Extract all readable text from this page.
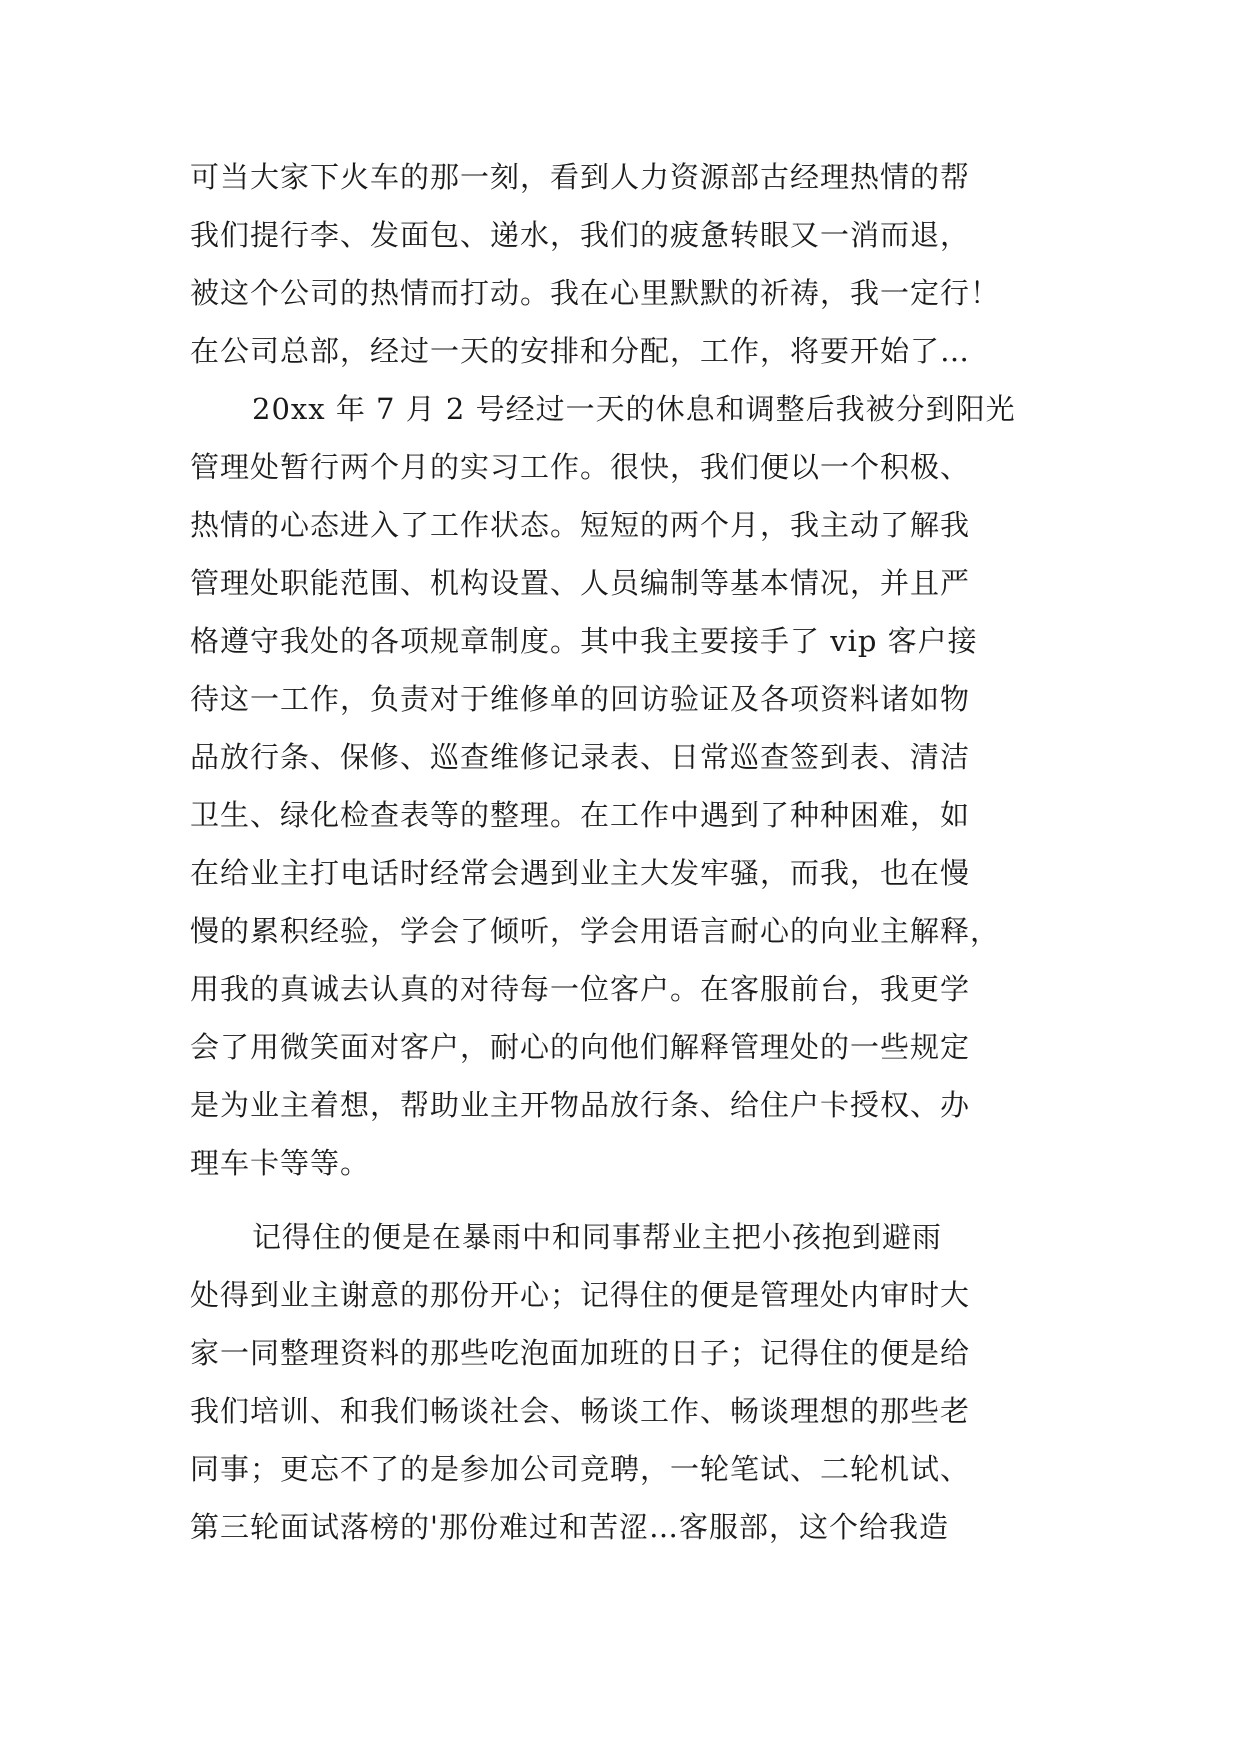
可当大家下火车的那一刻，看到人力资源部古经理热情的帮
我们提行李、发面包、递水，我们的疲惫转眼又一消而退，
被这个公司的热情而打动。我在心里默默的祈祷，我一定行！
在公司总部，经过一天的安排和分配，工作，将要开始了…
20xx 年 7 月 2 号经过一天的休息和调整后我被分到阳光
管理处暂行两个月的实习工作。很快，我们便以一个积极、
热情的心态进入了工作状态。短短的两个月，我主动了解我
管理处职能范围、机构设置、人员编制等基本情况，并且严
格遵守我处的各项规章制度。其中我主要接手了 vip 客户接
待这一工作，负责对于维修单的回访验证及各项资料诸如物
品放行条、保修、巡查维修记录表、日常巡查签到表、清洁
卫生、绿化检查表等的整理。在工作中遇到了种种困难，如
在给业主打电话时经常会遇到业主大发牢骚，而我，也在慢
慢的累积经验，学会了倾听，学会用语言耐心的向业主解释，
用我的真诚去认真的对待每一位客户。在客服前台，我更学
会了用微笑面对客户，耐心的向他们解释管理处的一些规定
是为业主着想，帮助业主开物品放行条、给住户卡授权、办
理车卡等等。
记得住的便是在暴雨中和同事帮业主把小孩抱到避雨
处得到业主谢意的那份开心；记得住的便是管理处内审时大
家一同整理资料的那些吃泡面加班的日子；记得住的便是给
我们培训、和我们畅谈社会、畅谈工作、畅谈理想的那些老
同事；更忘不了的是参加公司竞聘，一轮笔试、二轮机试、
第三轮面试落榜的'那份难过和苦涩…客服部，这个给我造
